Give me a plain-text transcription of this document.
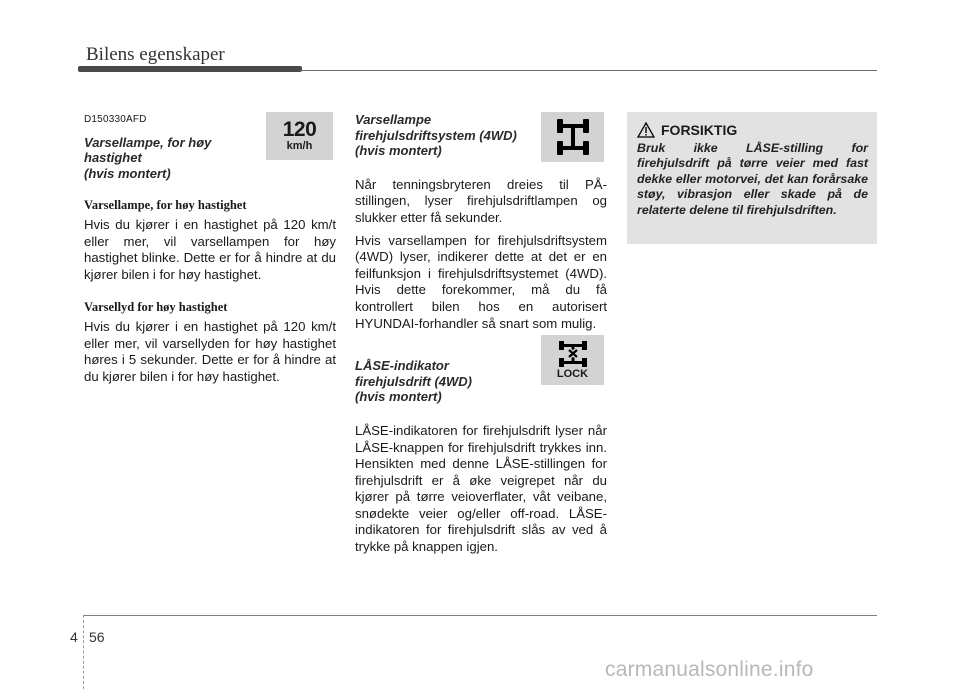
Bilens egenskaper
D150330AFD
Varsellampe, for høy
hastighet
(hvis montert)
Varsellampe, for høy hastighet

Hvis du kjører i en hastighet på 120 km/t eller mer, vil varsellampen for høy hastighet blinke. Dette er for å hindre at du kjører bilen i for høy hastighet.

Varsellyd for høy hastighet

Hvis du kjører i en hastighet på 120 km/t eller mer, vil varsellyden for høy hastighet høres i 5 sekunder. Dette er for å hindre at du kjører bilen i for høy hastighet.

120
km/h
Varsellampe
firehjulsdriftsystem (4WD)
(hvis montert)

Når tenningsbryteren dreies til PÅ-stillingen, lyser firehjulsdriftlampen og slukker etter få sekunder.

Hvis varsellampen for firehjulsdriftsystem (4WD) lyser, indikerer dette at det er en feilfunksjon i firehjulsdriftsystemet (4WD). Hvis dette forekommer, må du få kontrollert bilen hos en autorisert HYUNDAI-forhandler så snart som mulig.

LÅSE-indikator
firehjulsdrift (4WD)
(hvis montert)

LÅSE-indikatoren for firehjulsdrift lyser når LÅSE-knappen for firehjulsdrift trykkes inn. Hensikten med denne LÅSE-stillingen for firehjulsdrift er å øke veigrepet når du kjører på tørre veioverflater, våt veibane, snødekte veier og/eller off-road. LÅSE-indikatoren for firehjulsdrift slås av ved å trykke på knappen igjen.

LOCK
FORSIKTIG

Bruk ikke LÅSE-stilling for firehjulsdrift på tørre veier med fast dekke eller motorvei, det kan forårsake støy, vibrasjon eller skade på de relaterte delene til firehjulsdriften.

4 56
carmanualsonline.info
